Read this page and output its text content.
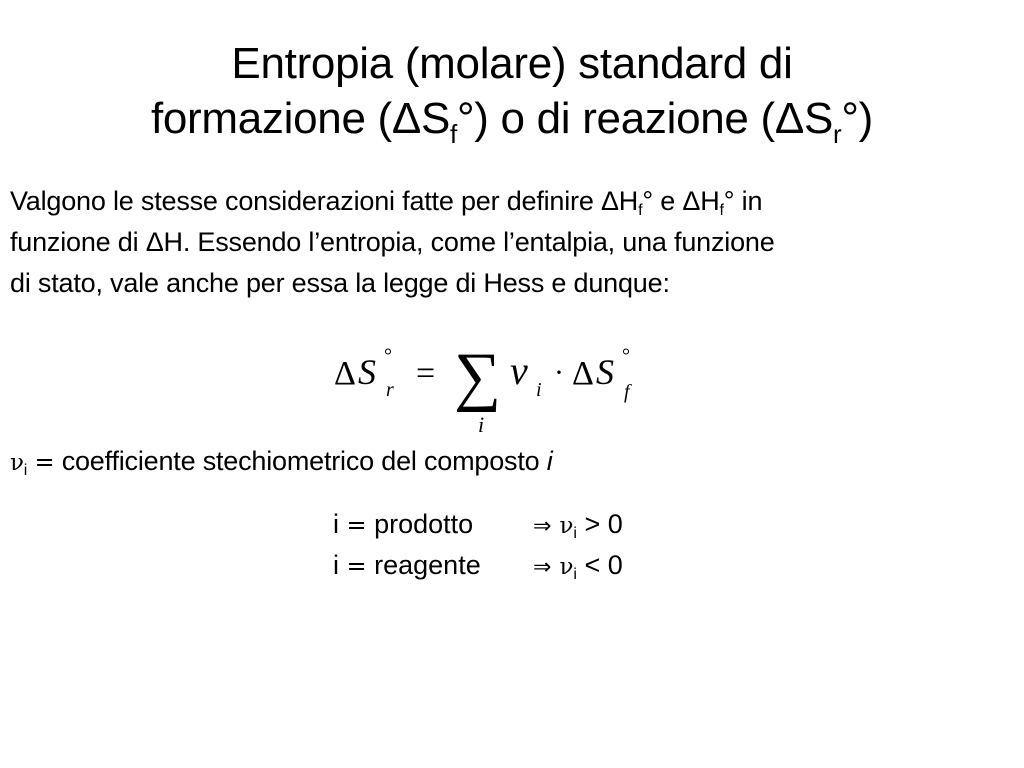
Entropia (molare) standard di
formazione $(\Delta S_f^\circ)$ o di reazione $(\Delta S_r^\circ)$
Valgono le stesse considerazioni fatte per definire $\Delta H_f^\circ$ e $\Delta H_f^\circ$ in
funzione di ΔH. Essendo l’entropia, come l’entalpia, una funzione
di stato, vale anche per essa la legge di Hess e dunque:
Δ S °
r = ∑
i
ν i
· Δ S °
f
$\nu_i$ = coefficiente stechiometrico del composto i
i = prodotto	⇒ $\nu_i > 0$
i = reagente ⇒ $\nu_i < 0$
